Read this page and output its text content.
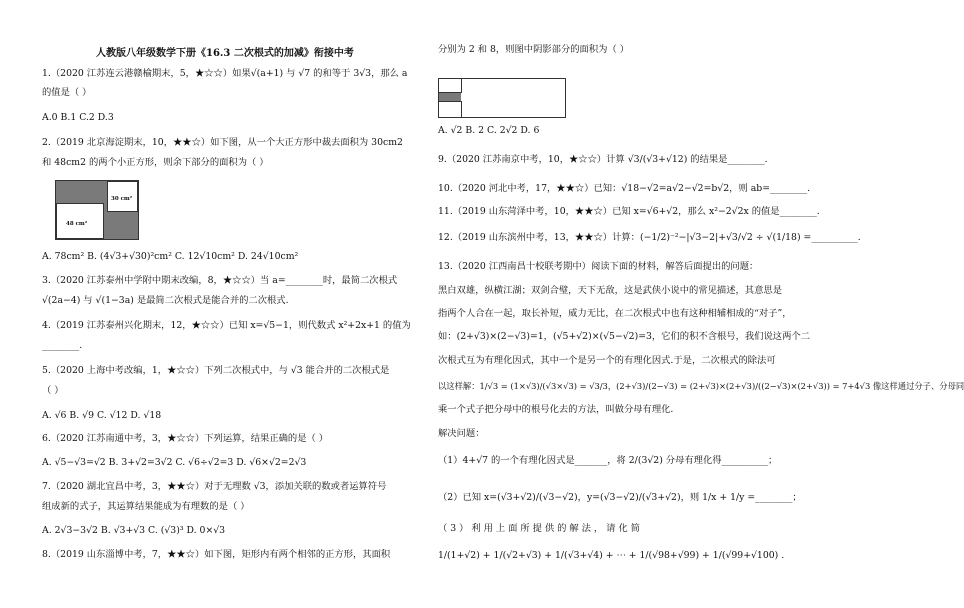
人教版八年级数学下册《16.3 二次根式的加减》衔接中考
1.（2020 江苏连云港赣榆期末，5，★☆☆）如果√(a+1) 与 √7 的和等于 3√3，那么 a
的值是（ ）
A.0 B.1 C.2 D.3
2.（2019 北京海淀期末，10，★★☆）如下图，从一个大正方形中裁去面积为 30cm2
和 48cm2 的两个小正方形，则余下部分的面积为（ ）
30 cm²
48 cm²
A. 78cm² B. (4√3+√30)²cm² C. 12√10cm² D. 24√10cm²
3.（2020 江苏泰州中学附中期末改编，8，★☆☆）当 a=________时，最简二次根式
√(2a−4) 与 √(1−3a) 是最简二次根式是能合并的二次根式.
4.（2019 江苏泰州兴化期末，12，★☆☆）已知 x=√5−1，则代数式 x²+2x+1 的值为
________.
5.（2020 上海中考改编，1，★☆☆）下列二次根式中，与 √3 能合并的二次根式是
（ ）
A. √6 B. √9 C. √12 D. √18
6.（2020 江苏南通中考，3，★☆☆）下列运算，结果正确的是（ ）
A. √5−√3=√2 B. 3+√2=3√2 C. √6÷√2=3 D. √6×√2=2√3
7.（2020 湖北宜昌中考，3，★★☆）对于无理数 √3，添加关联的数或者运算符号
组成新的式子，其运算结果能成为有理数的是（ ）
A. 2√3−3√2 B. √3+√3 C. (√3)³ D. 0×√3
8.（2019 山东淄博中考，7，★★☆）如下图，矩形内有两个相邻的正方形，其面积
分别为 2 和 8，则图中阴影部分的面积为（ ）
A. √2 B. 2 C. 2√2 D. 6
9.（2020 江苏南京中考，10，★☆☆）计算 √3/(√3+√12) 的结果是________.
10.（2020 河北中考，17，★★☆）已知：√18−√2=a√2−√2=b√2，则 ab=________.
11.（2019 山东菏泽中考，10，★★☆）已知 x=√6+√2，那么 x²−2√2x 的值是________.
12.（2019 山东滨州中考，13，★★☆）计算：(−1/2)⁻²−|√3−2|+√3/√2 ÷ √(1/18) =__________.
13.（2020 江西南昌十校联考期中）阅读下面的材料，解答后面提出的问题：
黑白双雄，纵横江湖；双剑合璧，天下无敌，这是武侠小说中的常见描述，其意思是
指两个人合在一起，取长补短，威力无比，在二次根式中也有这种相辅相成的“对子”，
如：(2+√3)×(2−√3)=1，(√5+√2)×(√5−√2)=3，它们的积不含根号，我们说这两个二
次根式互为有理化因式，其中一个是另一个的有理化因式.于是，二次根式的除法可
以这样解：1/√3 = (1×√3)/(√3×√3) = √3/3，(2+√3)/(2−√3) = (2+√3)×(2+√3)/((2−√3)×(2+√3)) = 7+4√3 像这样通过分子、分母同
乘一个式子把分母中的根号化去的方法，叫做分母有理化.
解决问题：
（1）4+√7 的一个有理化因式是_______，将 2/(3√2) 分母有理化得__________；
（2）已知 x=(√3+√2)/(√3−√2)，y=(√3−√2)/(√3+√2)，则 1/x + 1/y =________；
（ 3 ） 利 用 上 面 所 提 供 的 解 法 ， 请 化 简
1/(1+√2) + 1/(√2+√3) + 1/(√3+√4) + ⋯ + 1/(√98+√99) + 1/(√99+√100) .
